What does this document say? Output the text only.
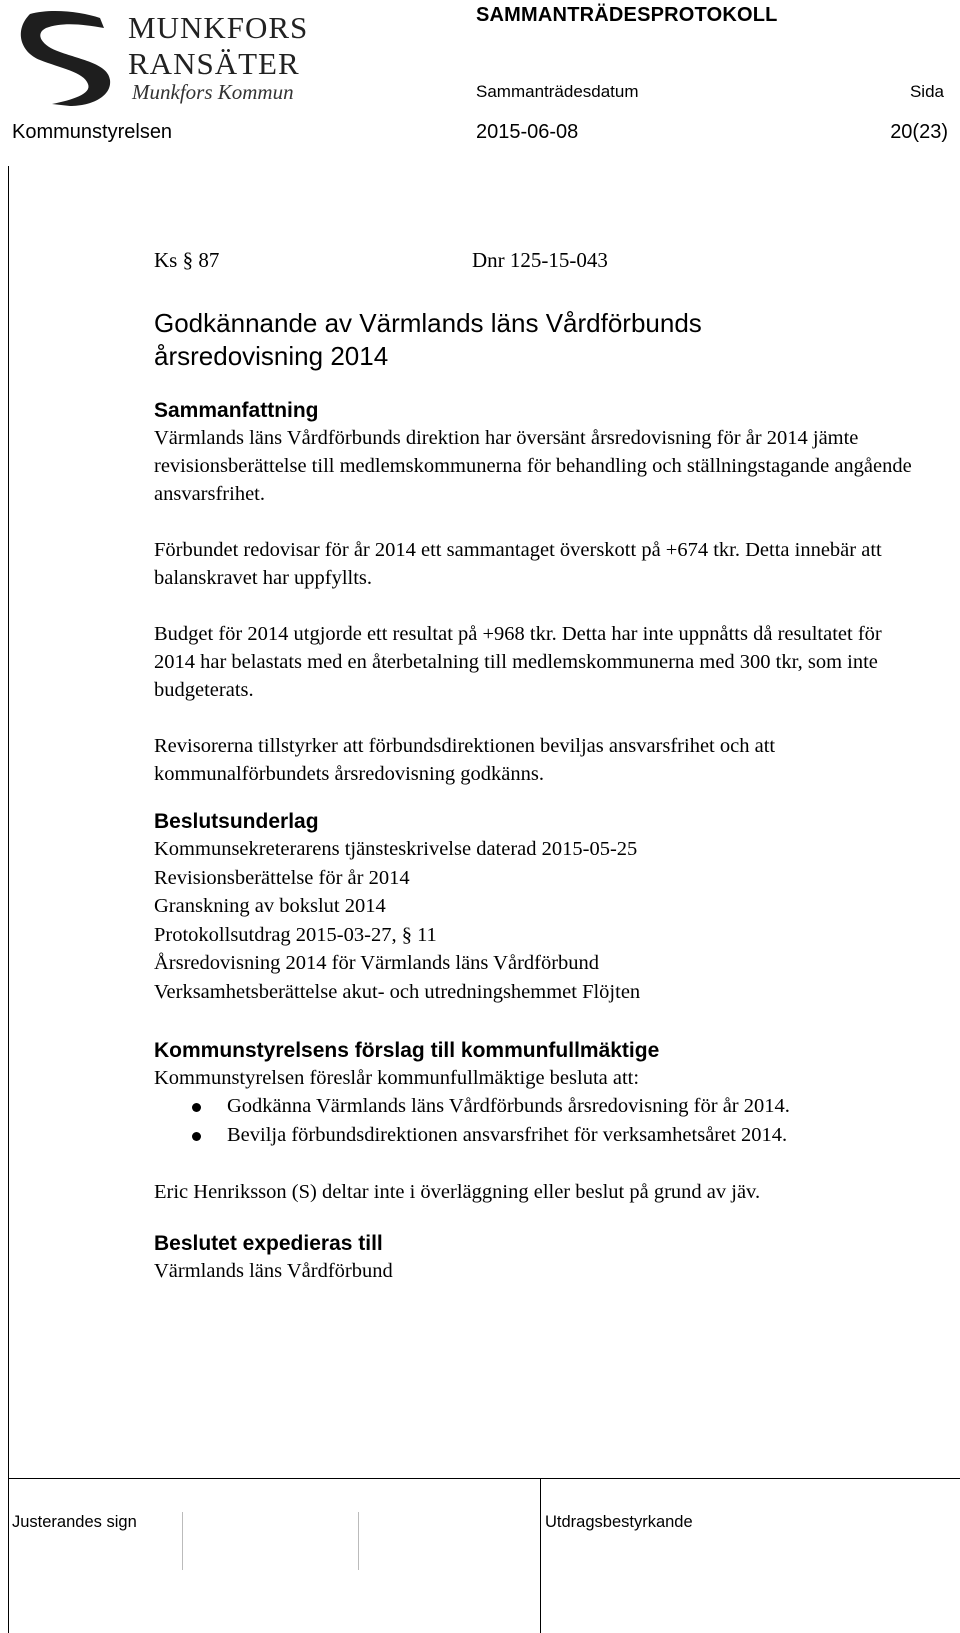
MUNKFORS
RANSÄTER
Munkfors Kommun
SAMMANTRÄDESPROTOKOLL
Sammanträdesdatum	Sida
Kommunstyrelsen	2015-06-08	20(23)
Ks § 87	Dnr 125-15-043
Godkännande av Värmlands läns Vårdförbunds
årsredovisning 2014
Sammanfattning

Värmlands läns Vårdförbunds direktion har översänt årsredovisning för år 2014 jämte revisionsberättelse till medlemskommunerna för behandling och ställningstagande angående ansvarsfrihet.

Förbundet redovisar för år 2014 ett sammantaget överskott på +674 tkr. Detta innebär att balanskravet har uppfyllts.

Budget för 2014 utgjorde ett resultat på +968 tkr. Detta har inte uppnåtts då resultatet för 2014 har belastats med en återbetalning till medlemskommunerna med 300 tkr, som inte budgeterats.

Revisorerna tillstyrker att förbundsdirektionen beviljas ansvarsfrihet och att kommunalförbundets årsredovisning godkänns.

Beslutsunderlag
Kommunsekreterarens tjänsteskrivelse daterad 2015-05-25
Revisionsberättelse för år 2014
Granskning av bokslut 2014
Protokollsutdrag 2015-03-27, § 11
Årsredovisning 2014 för Värmlands läns Vårdförbund
Verksamhetsberättelse akut- och utredningshemmet Flöjten
Kommunstyrelsens förslag till kommunfullmäktige

Kommunstyrelsen föreslår kommunfullmäktige besluta att:

Godkänna Värmlands läns Vårdförbunds årsredovisning för år 2014.
Bevilja förbundsdirektionen ansvarsfrihet för verksamhetsåret 2014.

Eric Henriksson (S) deltar inte i överläggning eller beslut på grund av jäv.

Beslutet expedieras till

Värmlands läns Vårdförbund

Justerandes sign	Utdragsbestyrkande
